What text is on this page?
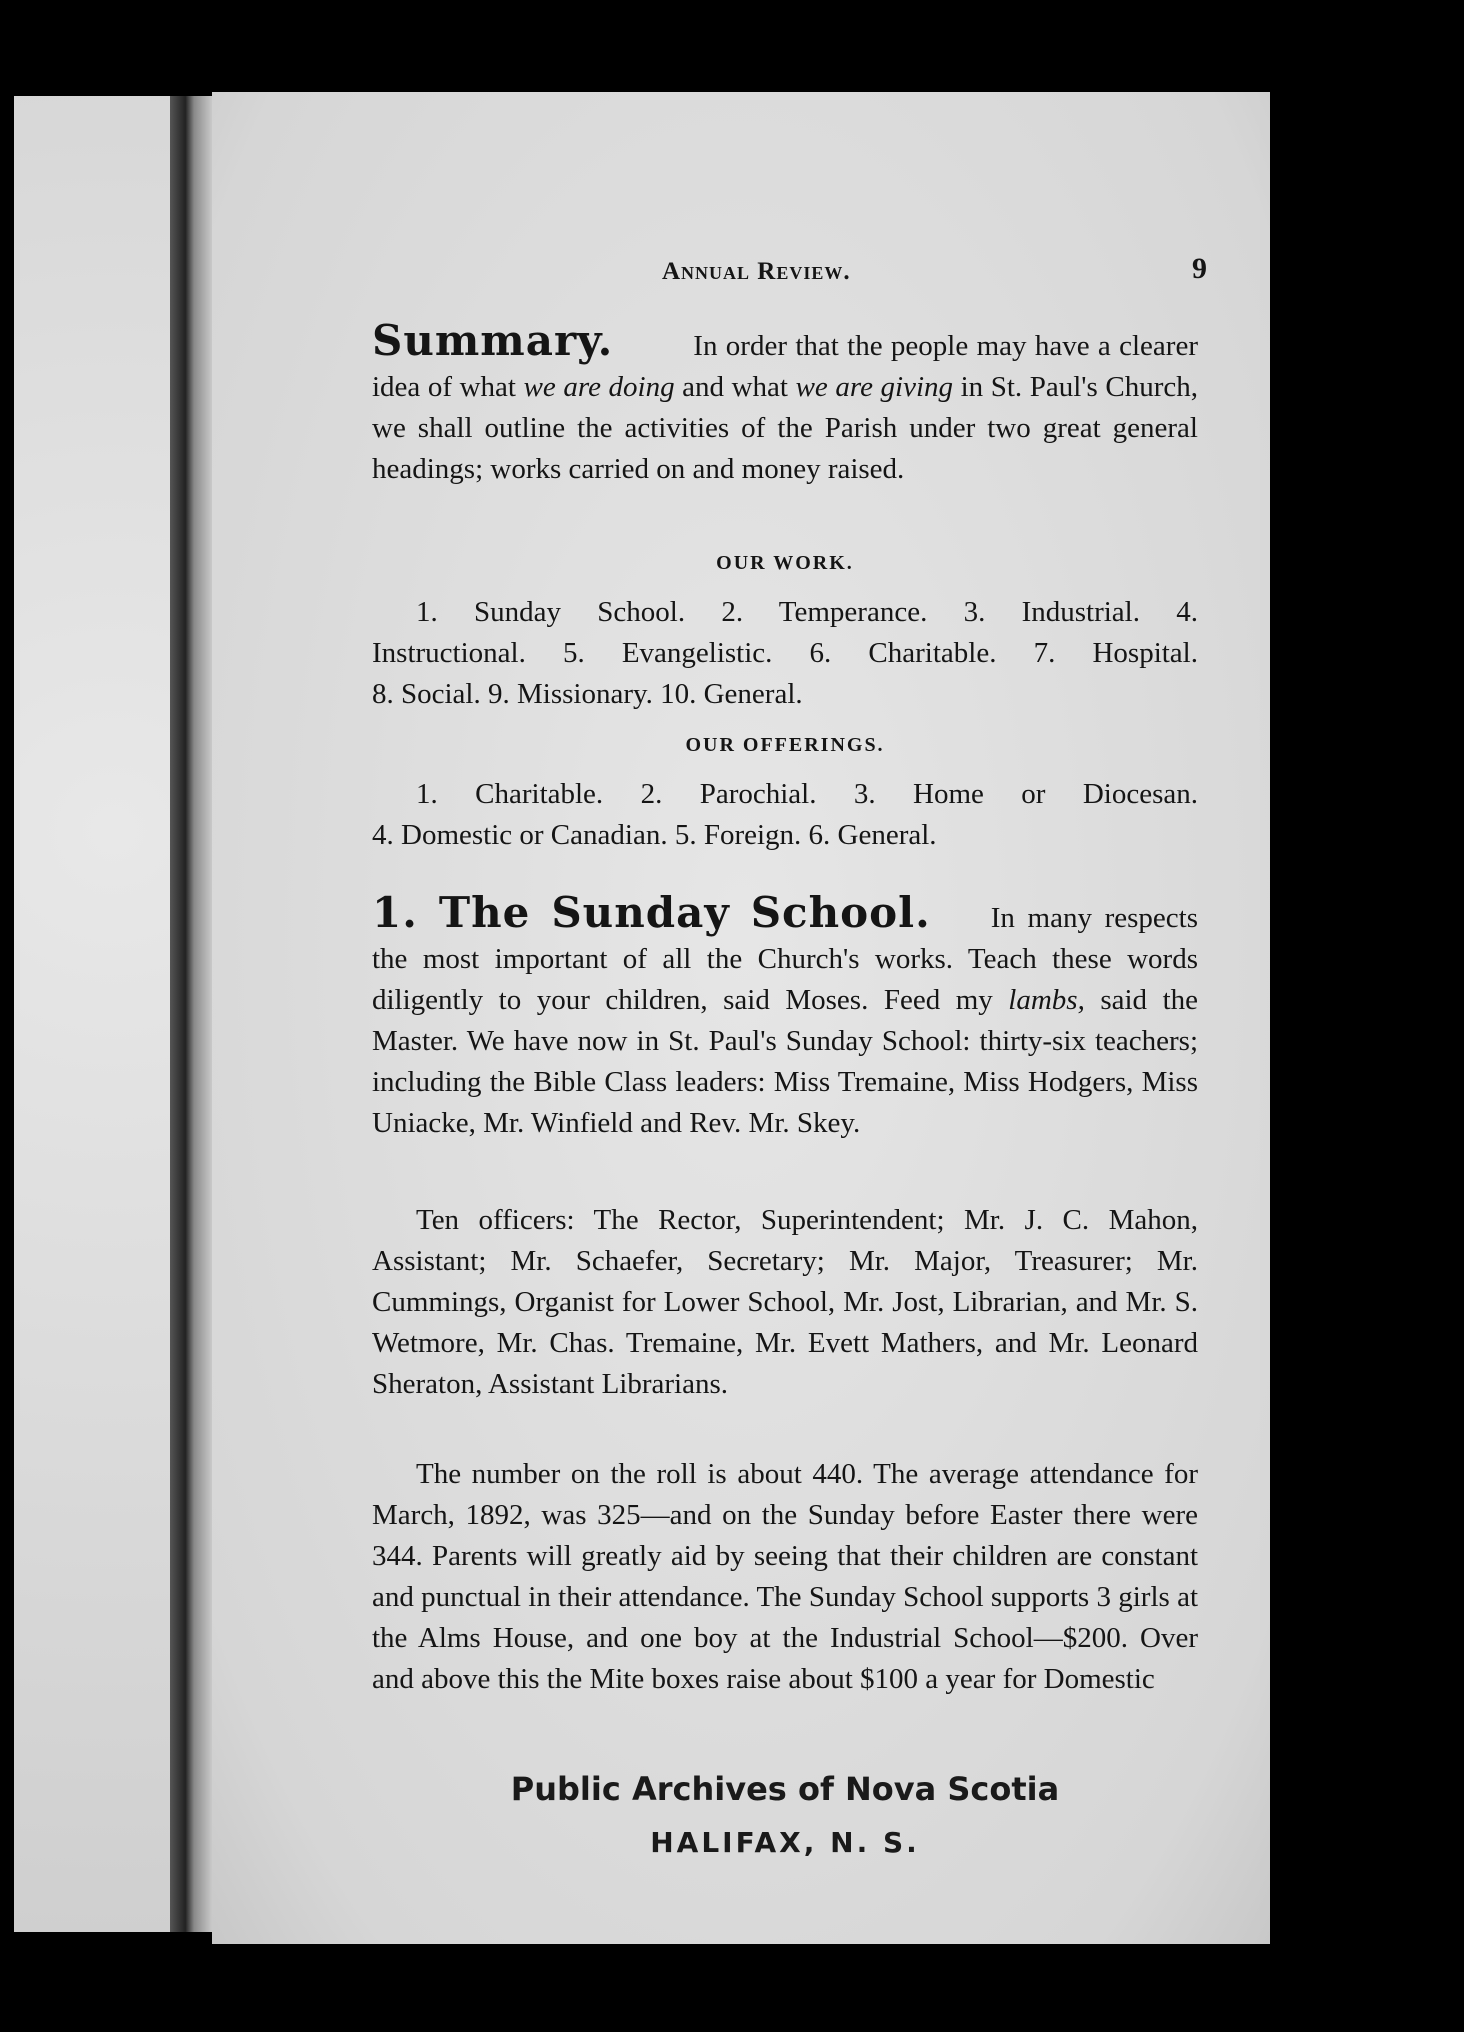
Annual Review.	9

Summary.	In order that the people may have a clearer idea of what we are doing and what we are giving in St. Paul's Church, we shall outline the activities of the Parish under two great general headings; works carried on and money raised.

OUR WORK.
1. Sunday School. 2. Temperance. 3. Industrial. 4.
Instructional. 5. Evangelistic. 6. Charitable. 7. Hospital.
8. Social. 9. Missionary. 10. General.
OUR OFFERINGS.
1. Charitable. 2. Parochial. 3. Home or Diocesan.
4. Domestic or Canadian. 5. Foreign. 6. General.

1. The Sunday School. In many respects the most important of all the Church's works. Teach these words diligently to your children, said Moses. Feed my lambs, said the Master. We have now in St. Paul's Sunday School: thirty-six teachers; including the Bible Class leaders: Miss Tremaine, Miss Hodgers, Miss Uniacke, Mr. Winfield and Rev. Mr. Skey.

Ten officers: The Rector, Superintendent; Mr. J. C. Mahon, Assistant; Mr. Schaefer, Secretary; Mr. Major, Treasurer; Mr. Cummings, Organist for Lower School, Mr. Jost, Librarian, and Mr. S. Wetmore, Mr. Chas. Tremaine, Mr. Evett Mathers, and Mr. Leonard Sheraton, Assistant Librarians.

The number on the roll is about 440. The average attendance for March, 1892, was 325—and on the Sunday before Easter there were 344. Parents will greatly aid by seeing that their children are constant and punctual in their attendance. The Sunday School supports 3 girls at the Alms House, and one boy at the Industrial School—$200. Over and above this the Mite boxes raise about $100 a year for Domestic

Public Archives of Nova Scotia
HALIFAX, N. S.
